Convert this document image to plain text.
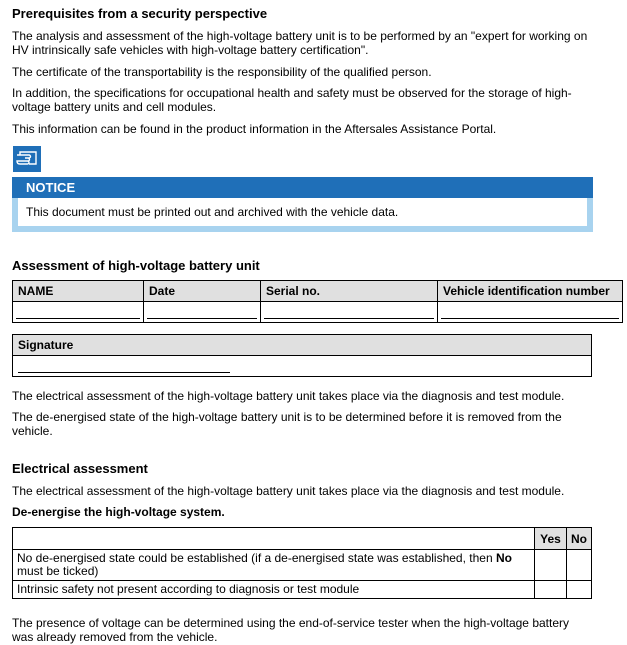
Prerequisites from a security perspective
The analysis and assessment of the high-voltage battery unit is to be performed by an "expert for working on
HV intrinsically safe vehicles with high-voltage battery certification".
The certificate of the transportability is the responsibility of the qualified person.
In addition, the specifications for occupational health and safety must be observed for the storage of high-
voltage battery units and cell modules.
This information can be found in the product information in the Aftersales Assistance Portal.
NOTICE
This document must be printed out and archived with the vehicle data.
Assessment of high-voltage battery unit
NAME	Date	Serial no.	Vehicle identification number

Signature

The electrical assessment of the high-voltage battery unit takes place via the diagnosis and test module.
The de-energised state of the high-voltage battery unit is to be determined before it is removed from the
vehicle.
Electrical assessment
The electrical assessment of the high-voltage battery unit takes place via the diagnosis and test module.
De-energise the high-voltage system.
	Yes	No

No de-energised state could be established (if a de-energised state was established, then No
must be ticked)		

Intrinsic safety not present according to diagnosis or test module		
The presence of voltage can be determined using the end-of-service tester when the high-voltage battery
was already removed from the vehicle.
